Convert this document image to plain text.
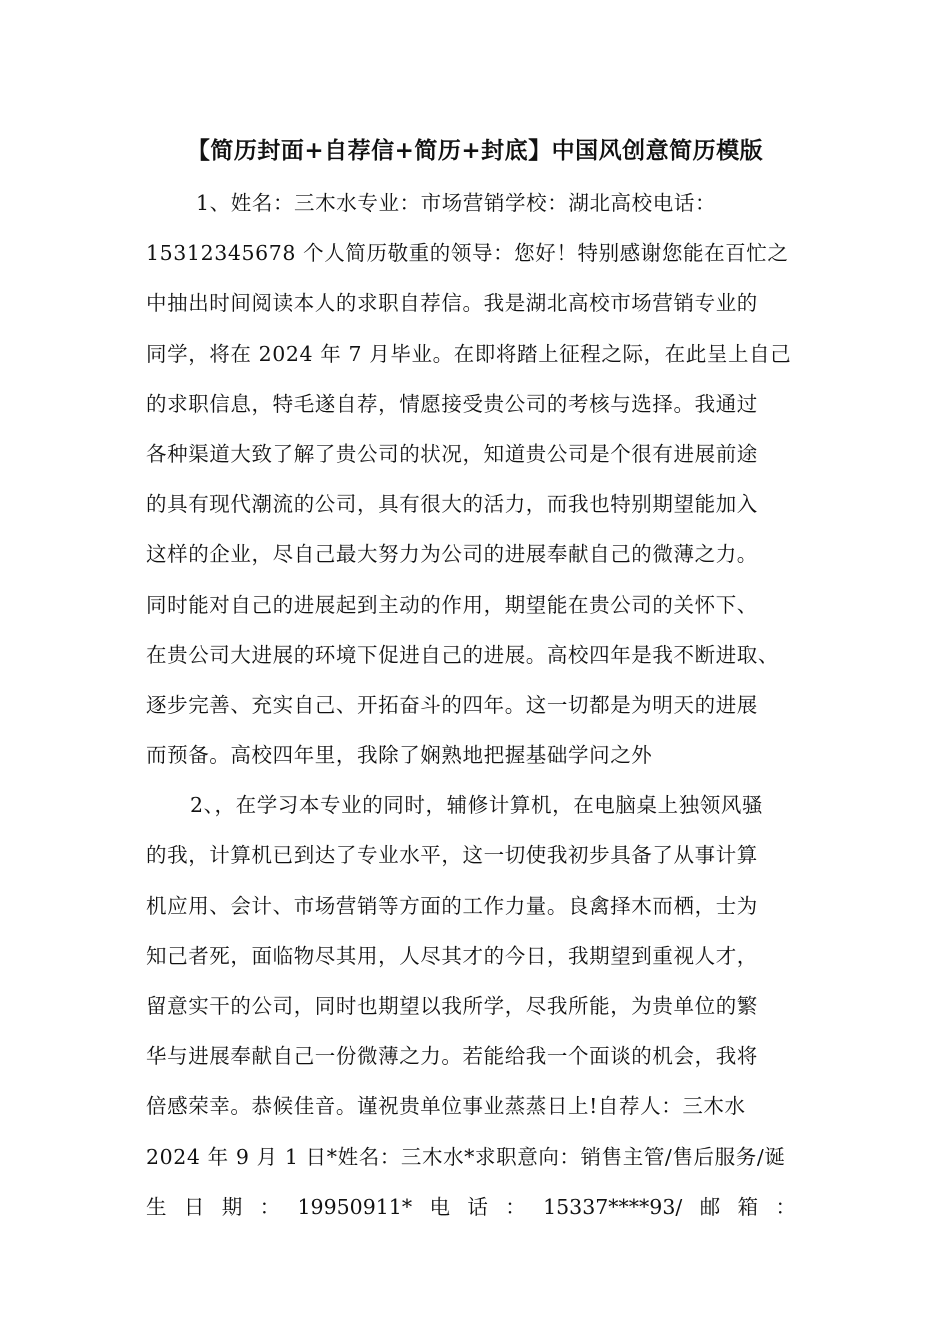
【简历封面+自荐信+简历+封底】中国风创意简历模版
1、姓名：三木水专业：市场营销学校：湖北高校电话：
15312345678 个人简历敬重的领导：您好！特别感谢您能在百忙之
中抽出时间阅读本人的求职自荐信。我是湖北高校市场营销专业的
同学，将在 2024 年 7 月毕业。在即将踏上征程之际，在此呈上自己
的求职信息，特毛遂自荐，情愿接受贵公司的考核与选择。我通过
各种渠道大致了解了贵公司的状况，知道贵公司是个很有进展前途
的具有现代潮流的公司，具有很大的活力，而我也特别期望能加入
这样的企业，尽自己最大努力为公司的进展奉献自己的微薄之力。
同时能对自己的进展起到主动的作用，期望能在贵公司的关怀下、
在贵公司大进展的环境下促进自己的进展。高校四年是我不断进取、
逐步完善、充实自己、开拓奋斗的四年。这一切都是为明天的进展
而预备。高校四年里，我除了娴熟地把握基础学问之外
2、，在学习本专业的同时，辅修计算机，在电脑桌上独领风骚
的我，计算机已到达了专业水平，这一切使我初步具备了从事计算
机应用、会计、市场营销等方面的工作力量。良禽择木而栖，士为
知己者死，面临物尽其用，人尽其才的今日，我期望到重视人才，
留意实干的公司，同时也期望以我所学，尽我所能，为贵单位的繁
华与进展奉献自己一份微薄之力。若能给我一个面谈的机会，我将
倍感荣幸。恭候佳音。谨祝贵单位事业蒸蒸日上!自荐人：三木水
2024 年 9 月 1 日*姓名：三木水*求职意向：销售主管/售后服务/诞
生 日 期 ： 19950911* 电 话 ： 15337****93/ 邮 箱 ：
